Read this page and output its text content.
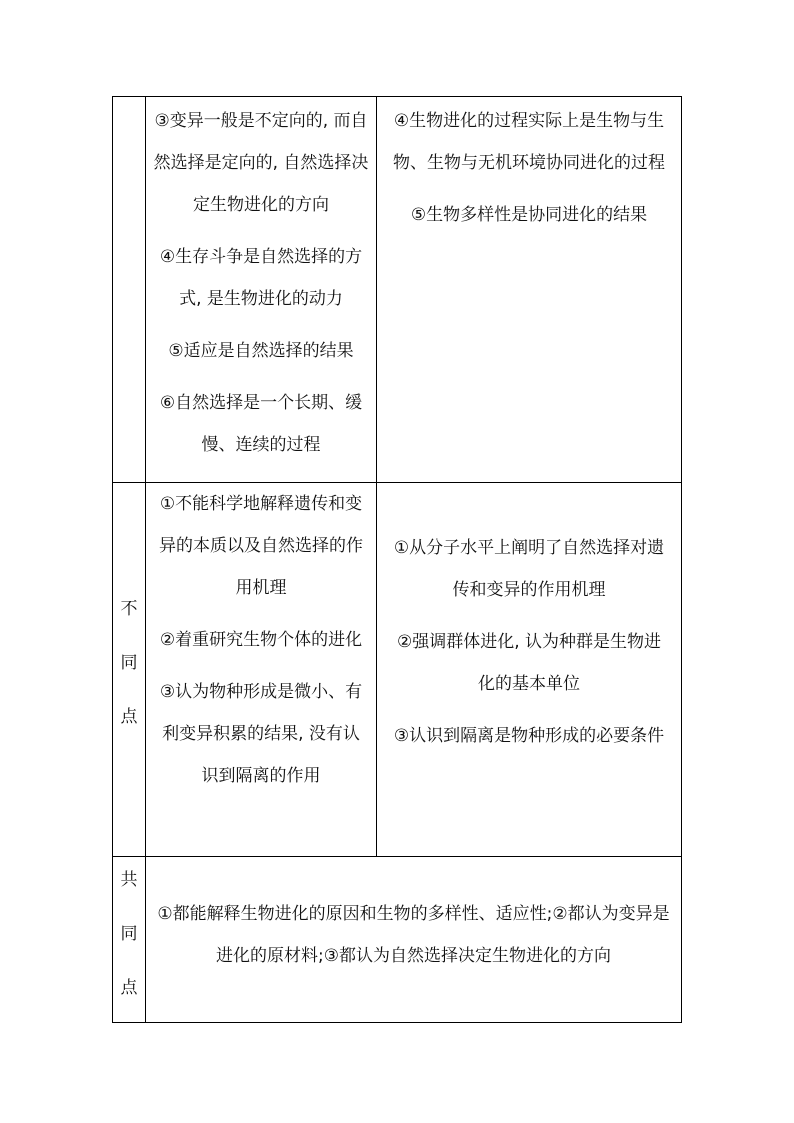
③变异一般是不定向的, 而自然选择是定向的, 自然选择决定生物进化的方向

④生存斗争是自然选择的方式, 是生物进化的动力

⑤适应是自然选择的结果

⑥自然选择是一个长期、缓慢、连续的过程

④生物进化的过程实际上是生物与生物、生物与无机环境协同进化的过程

⑤生物多样性是协同进化的结果

不
同
点

①不能科学地解释遗传和变异的本质以及自然选择的作用机理

②着重研究生物个体的进化

③认为物种形成是微小、有利变异积累的结果, 没有认识到隔离的作用

①从分子水平上阐明了自然选择对遗传和变异的作用机理

②强调群体进化, 认为种群是生物进化的基本单位

③认识到隔离是物种形成的必要条件

共
同
点

①都能解释生物进化的原因和生物的多样性、适应性;②都认为变异是进化的原材料;③都认为自然选择决定生物进化的方向
